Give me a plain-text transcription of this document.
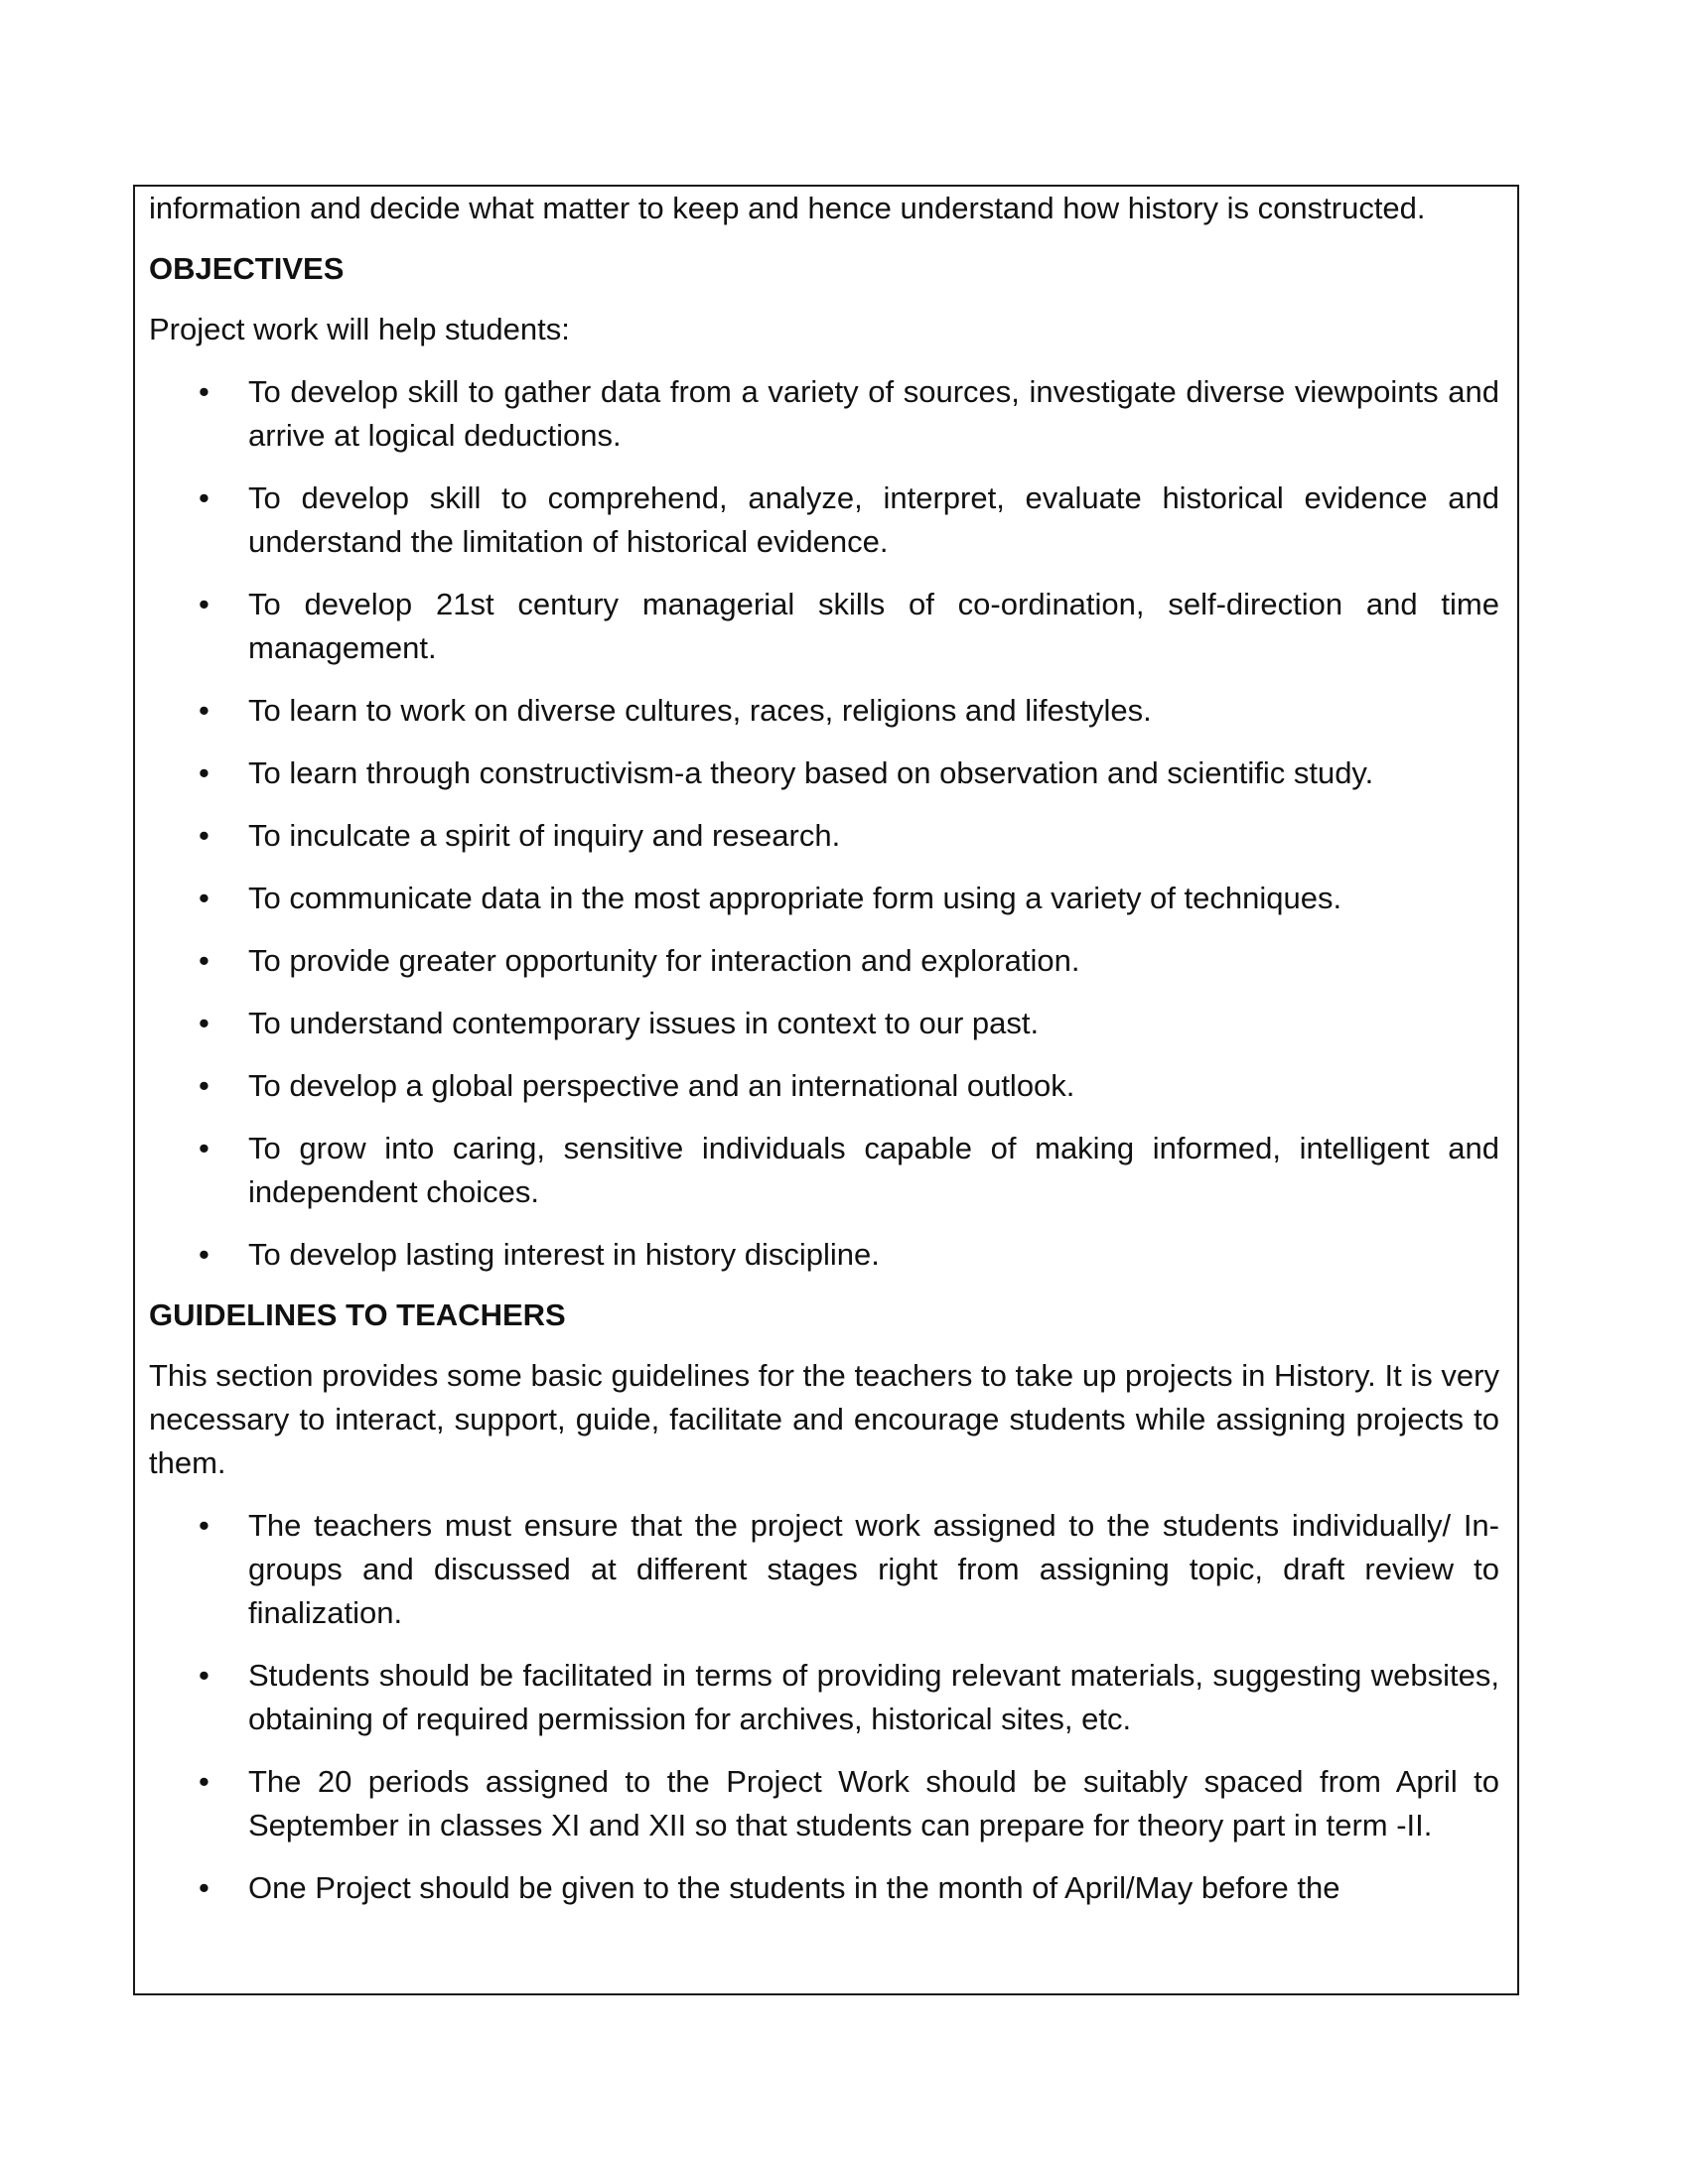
information and decide what matter to keep and hence understand how history is constructed.

OBJECTIVES

Project work will help students:

• To develop skill to gather data from a variety of sources, investigate diverse viewpoints and arrive at logical deductions.
• To develop skill to comprehend, analyze, interpret, evaluate historical evidence and understand the limitation of historical evidence.
• To develop 21st century managerial skills of co-ordination, self-direction and time management.
• To learn to work on diverse cultures, races, religions and lifestyles.
• To learn through constructivism-a theory based on observation and scientific study.
• To inculcate a spirit of inquiry and research.
• To communicate data in the most appropriate form using a variety of techniques.
• To provide greater opportunity for interaction and exploration.
• To understand contemporary issues in context to our past.
• To develop a global perspective and an international outlook.
• To grow into caring, sensitive individuals capable of making informed, intelligent and independent choices.
• To develop lasting interest in history discipline.
GUIDELINES TO TEACHERS

This section provides some basic guidelines for the teachers to take up projects in History. It is very necessary to interact, support, guide, facilitate and encourage students while assigning projects to them.

• The teachers must ensure that the project work assigned to the students individually/ In-groups and discussed at different stages right from assigning topic, draft review to finalization.
• Students should be facilitated in terms of providing relevant materials, suggesting websites, obtaining of required permission for archives, historical sites, etc.
• The 20 periods assigned to the Project Work should be suitably spaced from April to September in classes XI and XII so that students can prepare for theory part in term -II.
• One Project should be given to the students in the month of April/May before the
